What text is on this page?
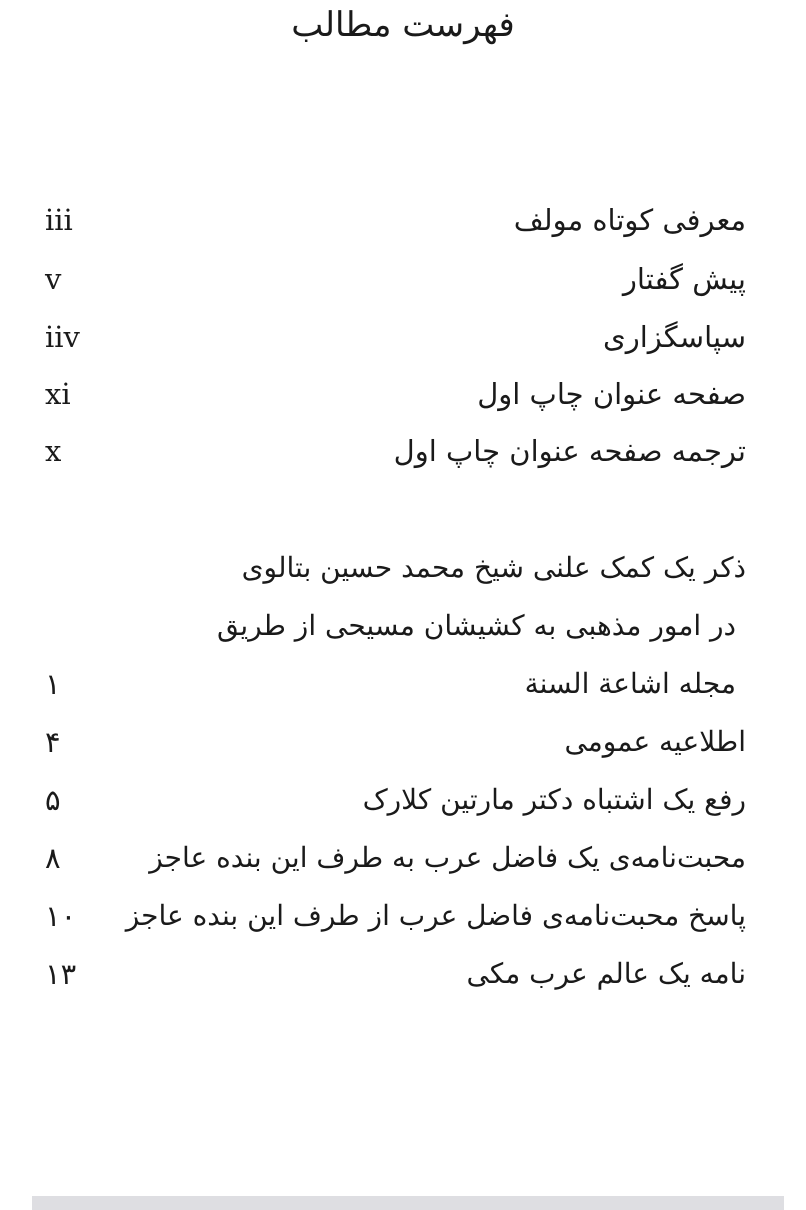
فهرست مطالب
معرفی کوتاه مولف
iii
پیش گفتار
v
سپاسگزاری
iiv
صفحه عنوان چاپ اول
xi
ترجمه صفحه عنوان چاپ اول
x
ذکر یک کمک علنی شیخ محمد حسین بتالوی
در امور مذهبی به کشیشان مسیحی از طریق
مجله اشاعة السنة
۱
اطلاعیه عمومی
۴
رفع یک اشتباه دکتر مارتین کلارک
۵
محبت‌نامه‌ی یک فاضل عرب به طرف این بنده عاجز
۸
پاسخ محبت‌نامه‌ی فاضل عرب از طرف این بنده عاجز
۱۰
نامه یک عالم عرب مکی
۱۳
